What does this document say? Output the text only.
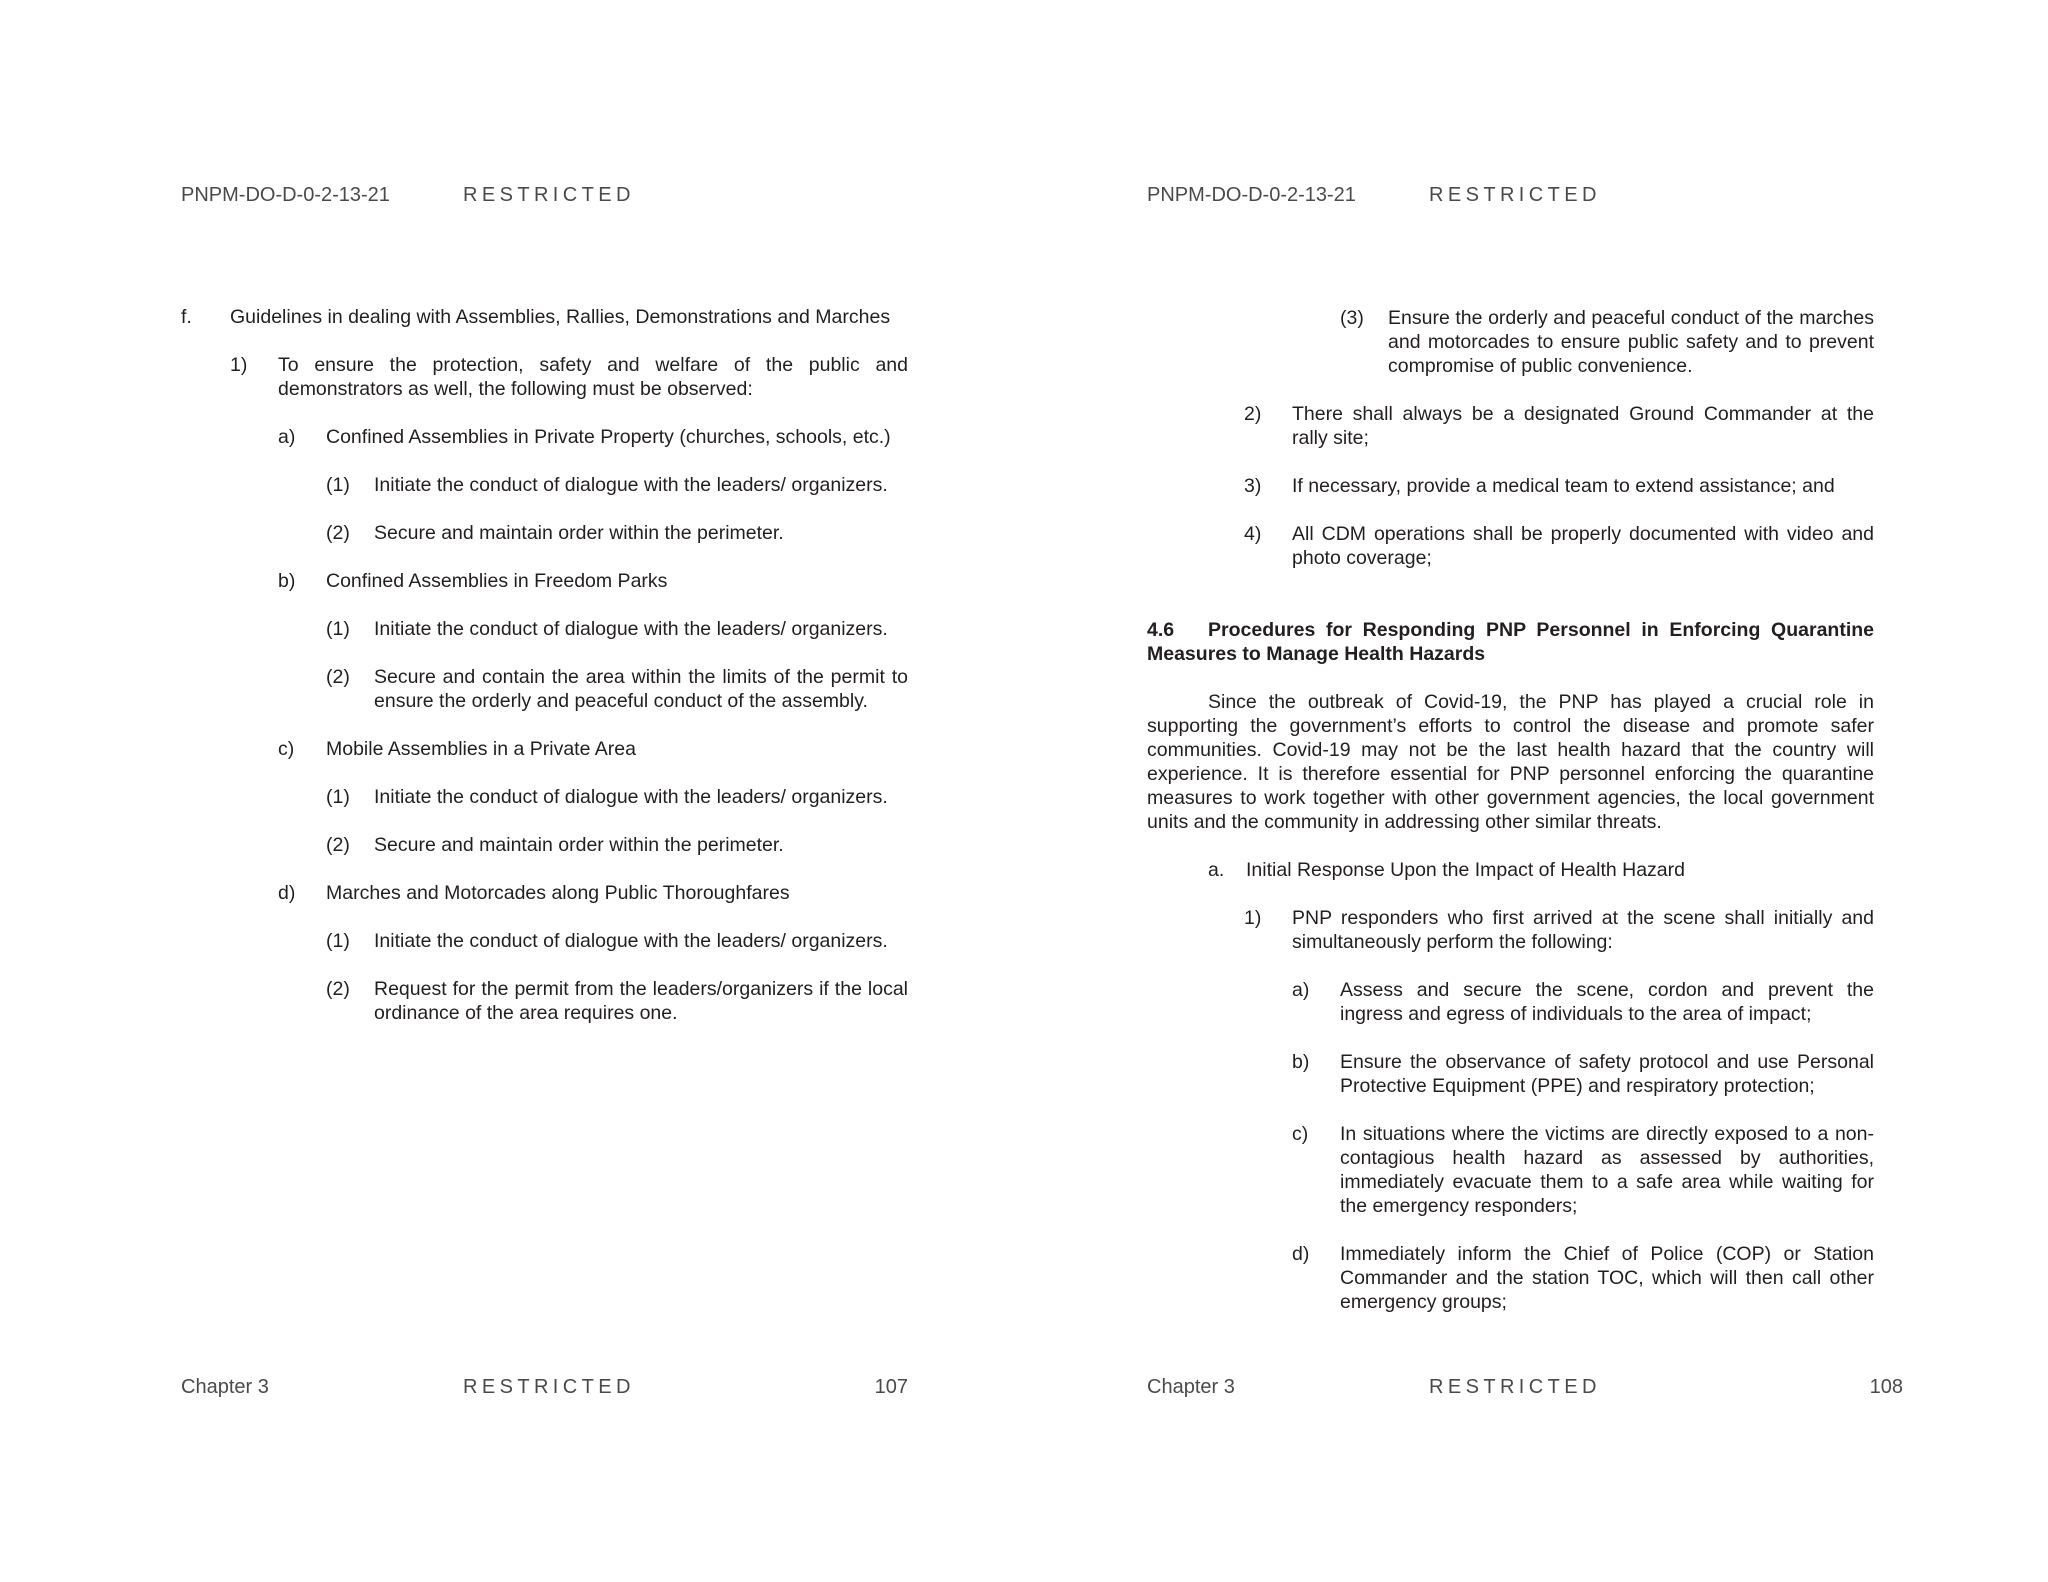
PNPM-DO-D-0-2-13-21	RESTRICTED
f. Guidelines in dealing with Assemblies, Rallies, Demonstrations and Marches
1) To ensure the protection, safety and welfare of the public and demonstrators as well, the following must be observed:
a) Confined Assemblies in Private Property (churches, schools, etc.)
(1) Initiate the conduct of dialogue with the leaders/ organizers.
(2) Secure and maintain order within the perimeter.
b) Confined Assemblies in Freedom Parks
(1) Initiate the conduct of dialogue with the leaders/ organizers.
(2) Secure and contain the area within the limits of the permit to ensure the orderly and peaceful conduct of the assembly.
c) Mobile Assemblies in a Private Area
(1) Initiate the conduct of dialogue with the leaders/ organizers.
(2) Secure and maintain order within the perimeter.
d) Marches and Motorcades along Public Thoroughfares
(1) Initiate the conduct of dialogue with the leaders/ organizers.
(2) Request for the permit from the leaders/organizers if the local ordinance of the area requires one.
Chapter 3	RESTRICTED	107
PNPM-DO-D-0-2-13-21	RESTRICTED
(3) Ensure the orderly and peaceful conduct of the marches and motorcades to ensure public safety and to prevent compromise of public convenience.
2) There shall always be a designated Ground Commander at the rally site;
3) If necessary, provide a medical team to extend assistance; and
4) All CDM operations shall be properly documented with video and photo coverage;
4.6 Procedures for Responding PNP Personnel in Enforcing Quarantine Measures to Manage Health Hazards
Since the outbreak of Covid-19, the PNP has played a crucial role in supporting the government’s efforts to control the disease and promote safer communities. Covid-19 may not be the last health hazard that the country will experience. It is therefore essential for PNP personnel enforcing the quarantine measures to work together with other government agencies, the local government units and the community in addressing other similar threats.
a. Initial Response Upon the Impact of Health Hazard
1) PNP responders who first arrived at the scene shall initially and simultaneously perform the following:
a) Assess and secure the scene, cordon and prevent the ingress and egress of individuals to the area of impact;
b) Ensure the observance of safety protocol and use Personal Protective Equipment (PPE) and respiratory protection;
c) In situations where the victims are directly exposed to a non-contagious health hazard as assessed by authorities, immediately evacuate them to a safe area while waiting for the emergency responders;
d) Immediately inform the Chief of Police (COP) or Station Commander and the station TOC, which will then call other emergency groups;
Chapter 3	RESTRICTED	108
